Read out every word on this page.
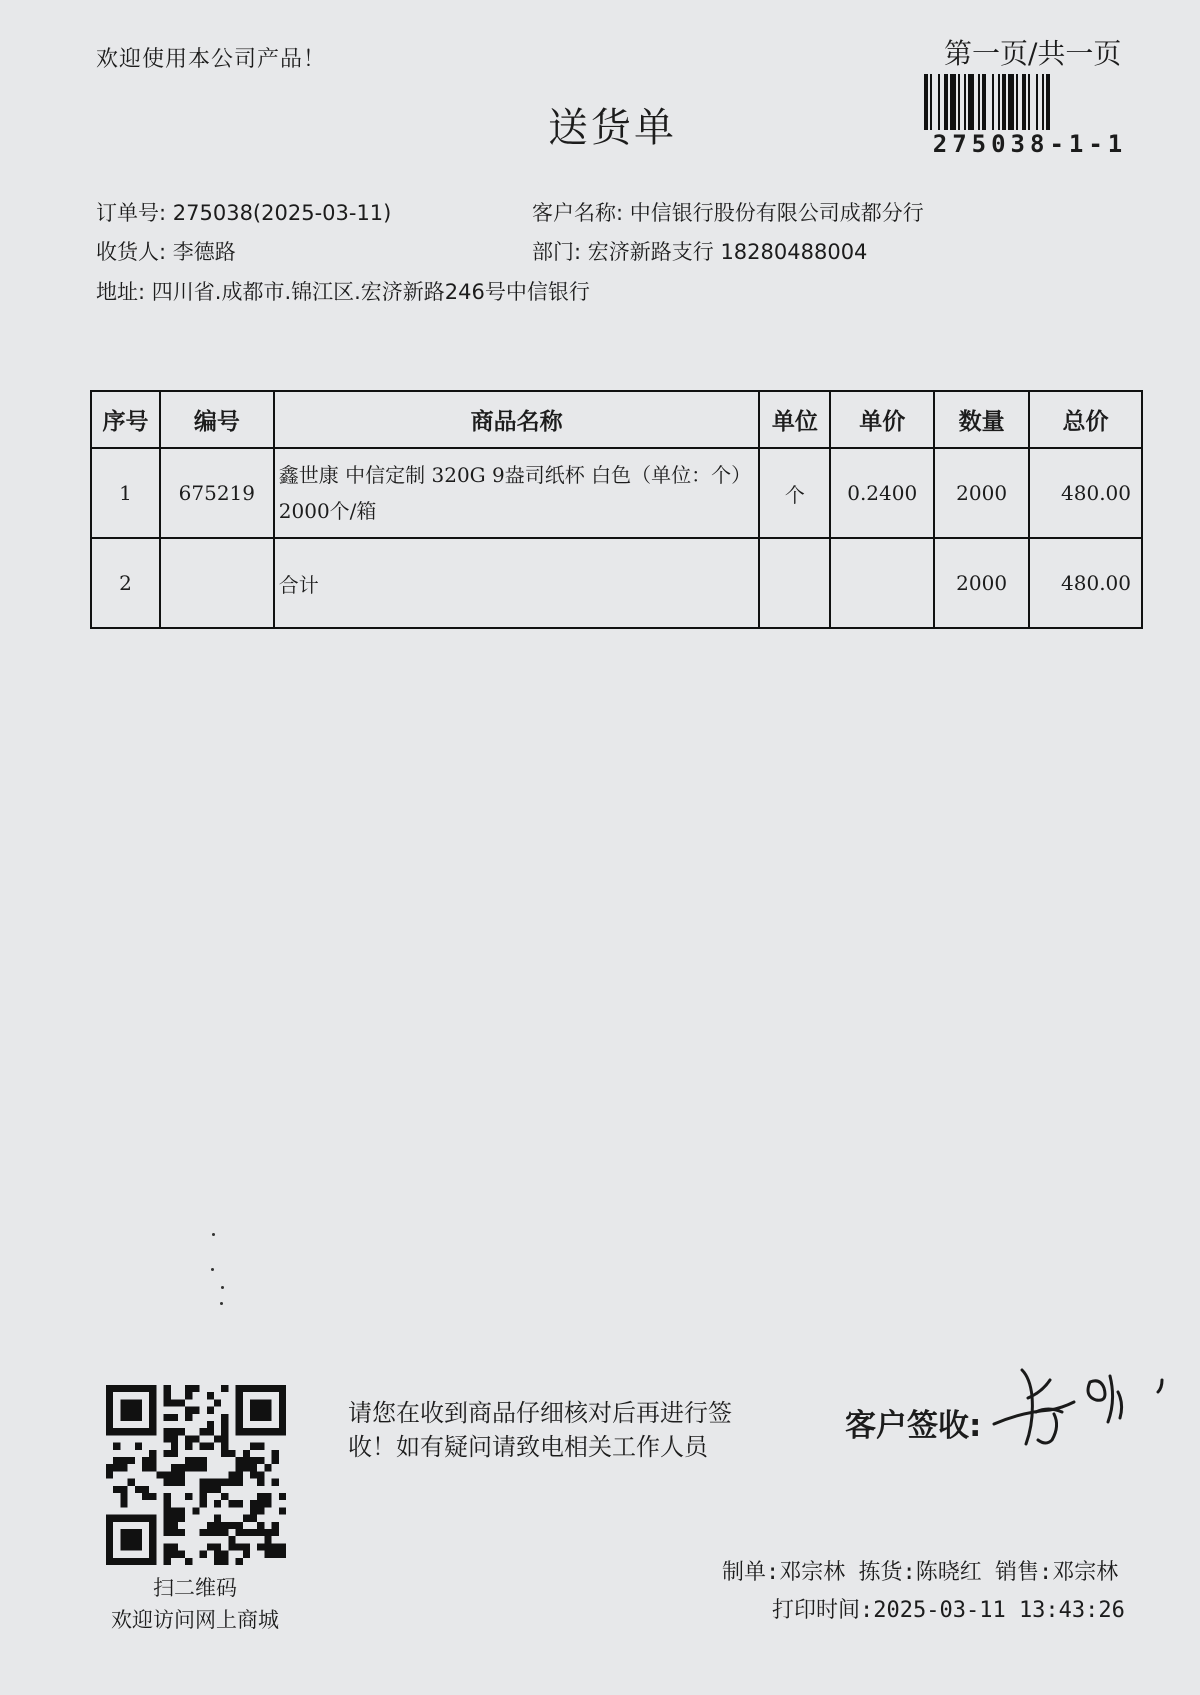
欢迎使用本公司产品！	第一页/共一页
275038-1-1
送货单
订单号: 275038(2025-03-11)	客户名称: 中信银行股份有限公司成都分行
收货人: 李德路	部门: 宏济新路支行 18280488004
地址: 四川省.成都市.锦江区.宏济新路246号中信银行
序号	编号	商品名称	单位	单价	数量	总价
1	675219	鑫世康 中信定制 320G 9盎司纸杯 白色（单位：个）2000个/箱	个	0.2400	2000	480.00
2		合计			2000	480.00
扫二维码
欢迎访问网上商城
请您在收到商品仔细核对后再进行签收！如有疑问请致电相关工作人员
客户签收:
制单:邓宗林 拣货:陈晓红 销售:邓宗林
打印时间:2025-03-11 13:43:26
